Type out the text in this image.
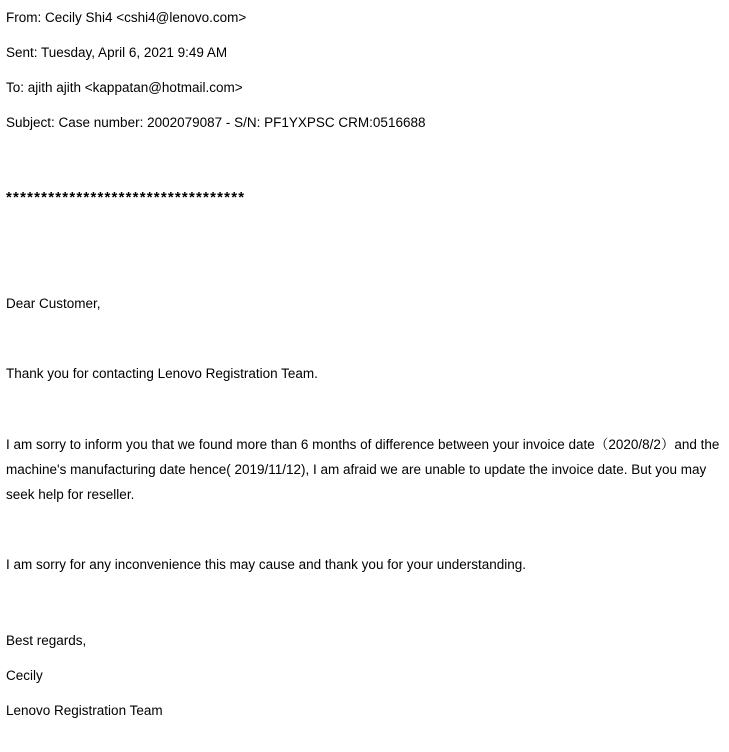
From: Cecily Shi4 <cshi4@lenovo.com>
Sent: Tuesday, April 6, 2021 9:49 AM
To: ajith ajith <kappatan@hotmail.com>
Subject: Case number: 2002079087 - S/N: PF1YXPSC CRM:0516688
**********************************
Dear Customer,
Thank you for contacting Lenovo Registration Team.
I am sorry to inform you that we found more than 6 months of difference between your invoice date（2020/8/2）and the machine's manufacturing date hence( 2019/11/12), I am afraid we are unable to update the invoice date. But you may seek help for reseller.
I am sorry for any inconvenience this may cause and thank you for your understanding.
Best regards,
Cecily
Lenovo Registration Team
